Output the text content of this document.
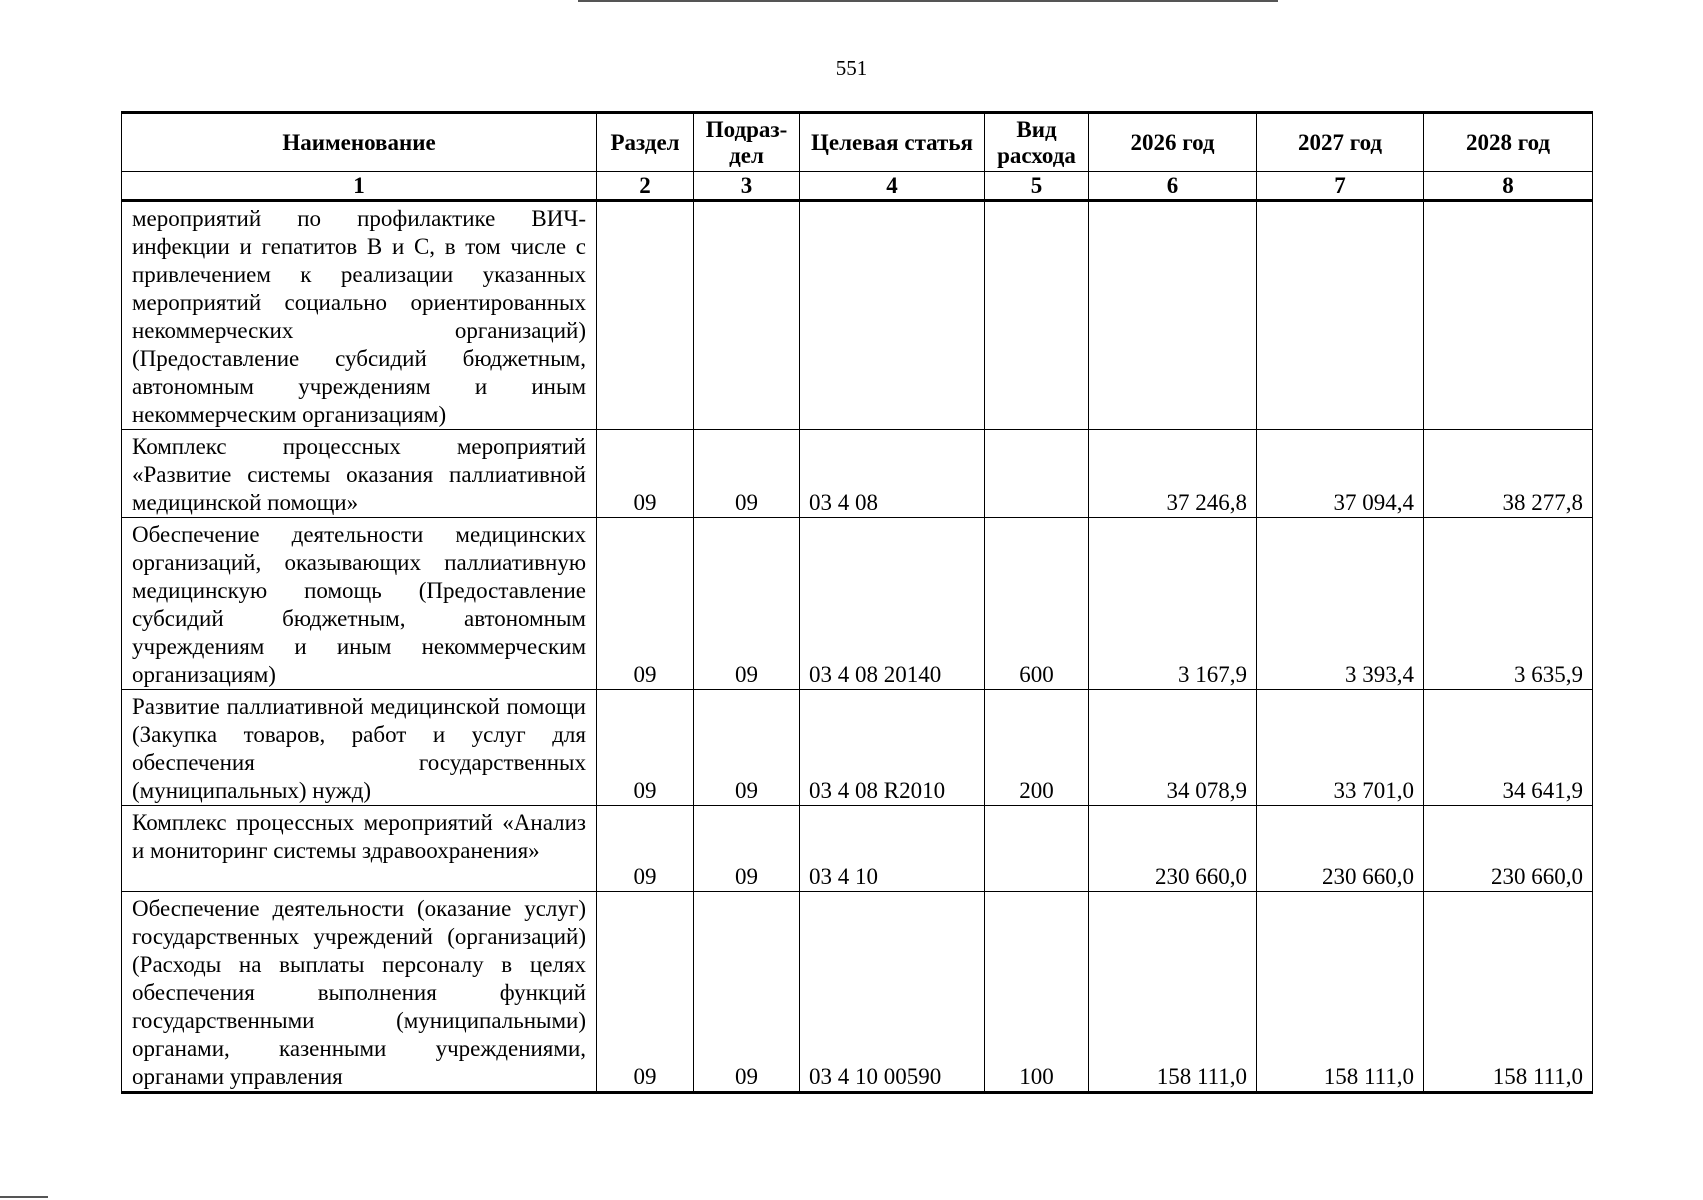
551
Наименование	Раздел	Подраз-дел	Целевая статья	Вид расхода	2026 год	2027 год	2028 год
1	2	3	4	5	6	7	8
мероприятий по профилактике ВИЧ-инфекции и гепатитов В и С, в том числе с привлечением к реализации указанных мероприятий социально ориентированных некоммерческих организаций) (Предоставление субсидий бюджетным, автономным учреждениям и иным некоммерческим организациям)							
Комплекс процессных мероприятий «Развитие системы оказания паллиативной медицинской помощи»	09	09	03 4 08		37 246,8	37 094,4	38 277,8
Обеспечение деятельности медицинских организаций, оказывающих паллиативную медицинскую помощь (Предоставление субсидий бюджетным, автономным учреждениям и иным некоммерческим организациям)	09	09	03 4 08 20140	600	3 167,9	3 393,4	3 635,9
Развитие паллиативной медицинской помощи (Закупка товаров, работ и услуг для обеспечения государственных (муниципальных) нужд)	09	09	03 4 08 R2010	200	34 078,9	33 701,0	34 641,9
Комплекс процессных мероприятий «Анализ и мониторинг системы здравоохранения»	09	09	03 4 10		230 660,0	230 660,0	230 660,0
Обеспечение деятельности (оказание услуг) государственных учреждений (организаций) (Расходы на выплаты персоналу в целях обеспечения выполнения функций государственными (муниципальными) органами, казенными учреждениями, органами управления	09	09	03 4 10 00590	100	158 111,0	158 111,0	158 111,0
